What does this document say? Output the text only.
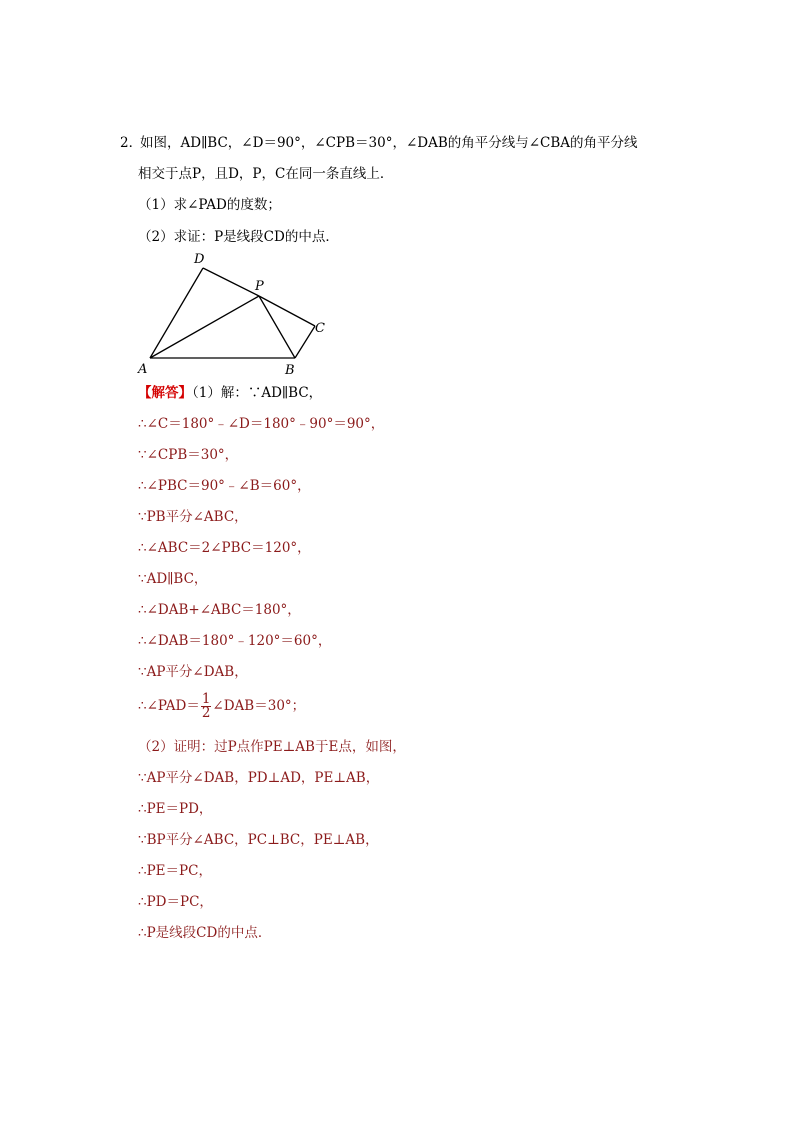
2．
如图，AD∥BC，∠D＝90°，∠CPB＝30°，∠DAB的角平分线与∠CBA的角平分线
相交于点P，且D，P，C在同一条直线上．
（1）求∠PAD的度数；
（2）求证：P是线段CD的中点．
D
P
C
A	B
【解答】（1）解：∵AD∥BC，
∴∠C＝180°﹣∠D＝180°﹣90°＝90°，
∵∠CPB＝30°，
∴∠PBC＝90°﹣∠B＝60°，
∵PB平分∠ABC，
∴∠ABC＝2∠PBC＝120°，
∵AD∥BC，
∴∠DAB+∠ABC＝180°，
∴∠DAB＝180°﹣120°＝60°，
∵AP平分∠DAB，
∴∠PAD＝ $\frac{1}{2}$ ∠DAB＝30°；
（2）证明：过P点作PE⊥AB于E点，如图，
∵AP平分∠DAB，PD⊥AD，PE⊥AB，
∴PE＝PD，
∵BP平分∠ABC，PC⊥BC，PE⊥AB，
∴PE＝PC，
∴PD＝PC，
∴P是线段CD的中点．
